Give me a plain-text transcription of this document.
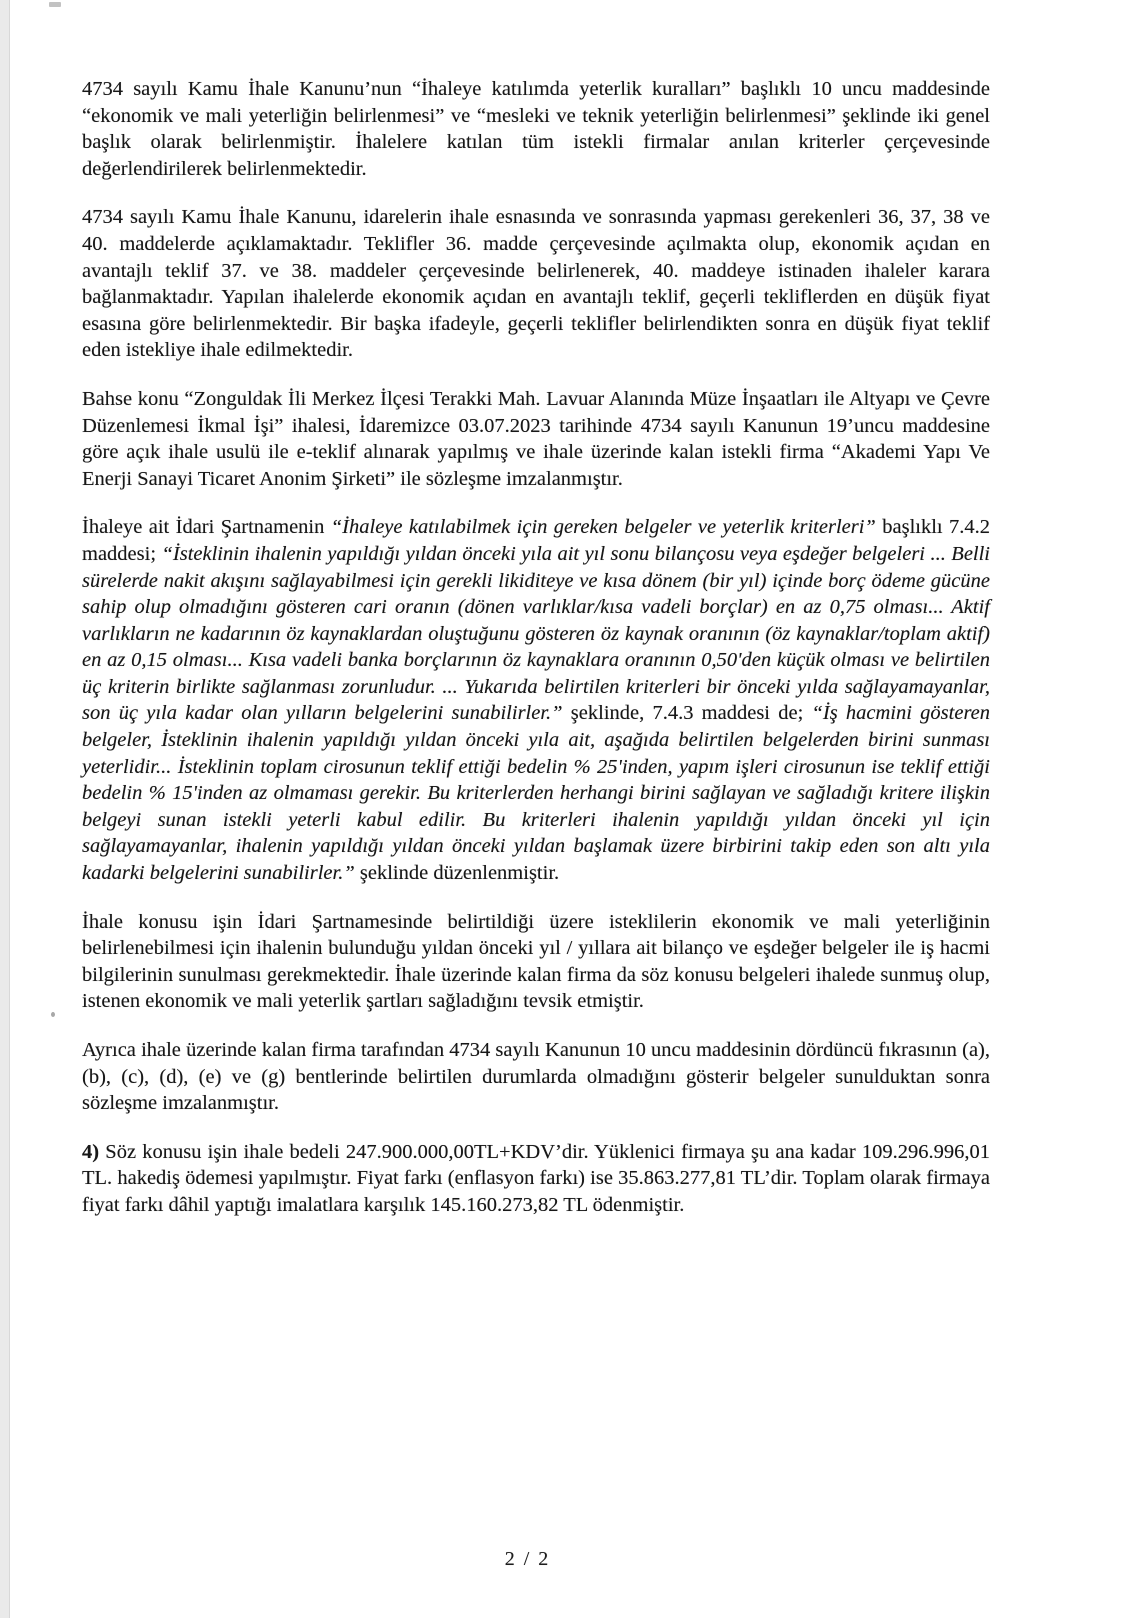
4734 sayılı Kamu İhale Kanunu’nun “İhaleye katılımda yeterlik kuralları” başlıklı 10 uncu maddesinde “ekonomik ve mali yeterliğin belirlenmesi” ve “mesleki ve teknik yeterliğin belirlenmesi” şeklinde iki genel başlık olarak belirlenmiştir. İhalelere katılan tüm istekli firmalar anılan kriterler çerçevesinde değerlendirilerek belirlenmektedir.

4734 sayılı Kamu İhale Kanunu, idarelerin ihale esnasında ve sonrasında yapması gerekenleri 36, 37, 38 ve 40. maddelerde açıklamaktadır. Teklifler 36. madde çerçevesinde açılmakta olup, ekonomik açıdan en avantajlı teklif 37. ve 38. maddeler çerçevesinde belirlenerek, 40. maddeye istinaden ihaleler karara bağlanmaktadır. Yapılan ihalelerde ekonomik açıdan en avantajlı teklif, geçerli tekliflerden en düşük fiyat esasına göre belirlenmektedir. Bir başka ifadeyle, geçerli teklifler belirlendikten sonra en düşük fiyat teklif eden istekliye ihale edilmektedir.

Bahse konu “Zonguldak İli Merkez İlçesi Terakki Mah. Lavuar Alanında Müze İnşaatları ile Altyapı ve Çevre Düzenlemesi İkmal İşi” ihalesi, İdaremizce 03.07.2023 tarihinde 4734 sayılı Kanunun 19’uncu maddesine göre açık ihale usulü ile e-teklif alınarak yapılmış ve ihale üzerinde kalan istekli firma “Akademi Yapı Ve Enerji Sanayi Ticaret Anonim Şirketi” ile sözleşme imzalanmıştır.

İhaleye ait İdari Şartnamenin “İhaleye katılabilmek için gereken belgeler ve yeterlik kriterleri” başlıklı 7.4.2 maddesi; “İsteklinin ihalenin yapıldığı yıldan önceki yıla ait yıl sonu bilançosu veya eşdeğer belgeleri ... Belli sürelerde nakit akışını sağlayabilmesi için gerekli likiditeye ve kısa dönem (bir yıl) içinde borç ödeme gücüne sahip olup olmadığını gösteren cari oranın (dönen varlıklar/kısa vadeli borçlar) en az 0,75 olması... Aktif varlıkların ne kadarının öz kaynaklardan oluştuğunu gösteren öz kaynak oranının (öz kaynaklar/toplam aktif) en az 0,15 olması... Kısa vadeli banka borçlarının öz kaynaklara oranının 0,50'den küçük olması ve belirtilen üç kriterin birlikte sağlanması zorunludur. ... Yukarıda belirtilen kriterleri bir önceki yılda sağlayamayanlar, son üç yıla kadar olan yılların belgelerini sunabilirler.” şeklinde, 7.4.3 maddesi de; “İş hacmini gösteren belgeler, İsteklinin ihalenin yapıldığı yıldan önceki yıla ait, aşağıda belirtilen belgelerden birini sunması yeterlidir... İsteklinin toplam cirosunun teklif ettiği bedelin % 25'inden, yapım işleri cirosunun ise teklif ettiği bedelin % 15'inden az olmaması gerekir. Bu kriterlerden herhangi birini sağlayan ve sağladığı kritere ilişkin belgeyi sunan istekli yeterli kabul edilir. Bu kriterleri ihalenin yapıldığı yıldan önceki yıl için sağlayamayanlar, ihalenin yapıldığı yıldan önceki yıldan başlamak üzere birbirini takip eden son altı yıla kadarki belgelerini sunabilirler.” şeklinde düzenlenmiştir.

İhale konusu işin İdari Şartnamesinde belirtildiği üzere isteklilerin ekonomik ve mali yeterliğinin belirlenebilmesi için ihalenin bulunduğu yıldan önceki yıl / yıllara ait bilanço ve eşdeğer belgeler ile iş hacmi bilgilerinin sunulması gerekmektedir. İhale üzerinde kalan firma da söz konusu belgeleri ihalede sunmuş olup, istenen ekonomik ve mali yeterlik şartları sağladığını tevsik etmiştir.

Ayrıca ihale üzerinde kalan firma tarafından 4734 sayılı Kanunun 10 uncu maddesinin dördüncü fıkrasının (a), (b), (c), (d), (e) ve (g) bentlerinde belirtilen durumlarda olmadığını gösterir belgeler sunulduktan sonra sözleşme imzalanmıştır.

4) Söz konusu işin ihale bedeli 247.900.000,00TL+KDV’dir. Yüklenici firmaya şu ana kadar 109.296.996,01 TL. hakediş ödemesi yapılmıştır. Fiyat farkı (enflasyon farkı) ise 35.863.277,81 TL’dir. Toplam olarak firmaya fiyat farkı dâhil yaptığı imalatlara karşılık 145.160.273,82 TL ödenmiştir.

2 / 2
